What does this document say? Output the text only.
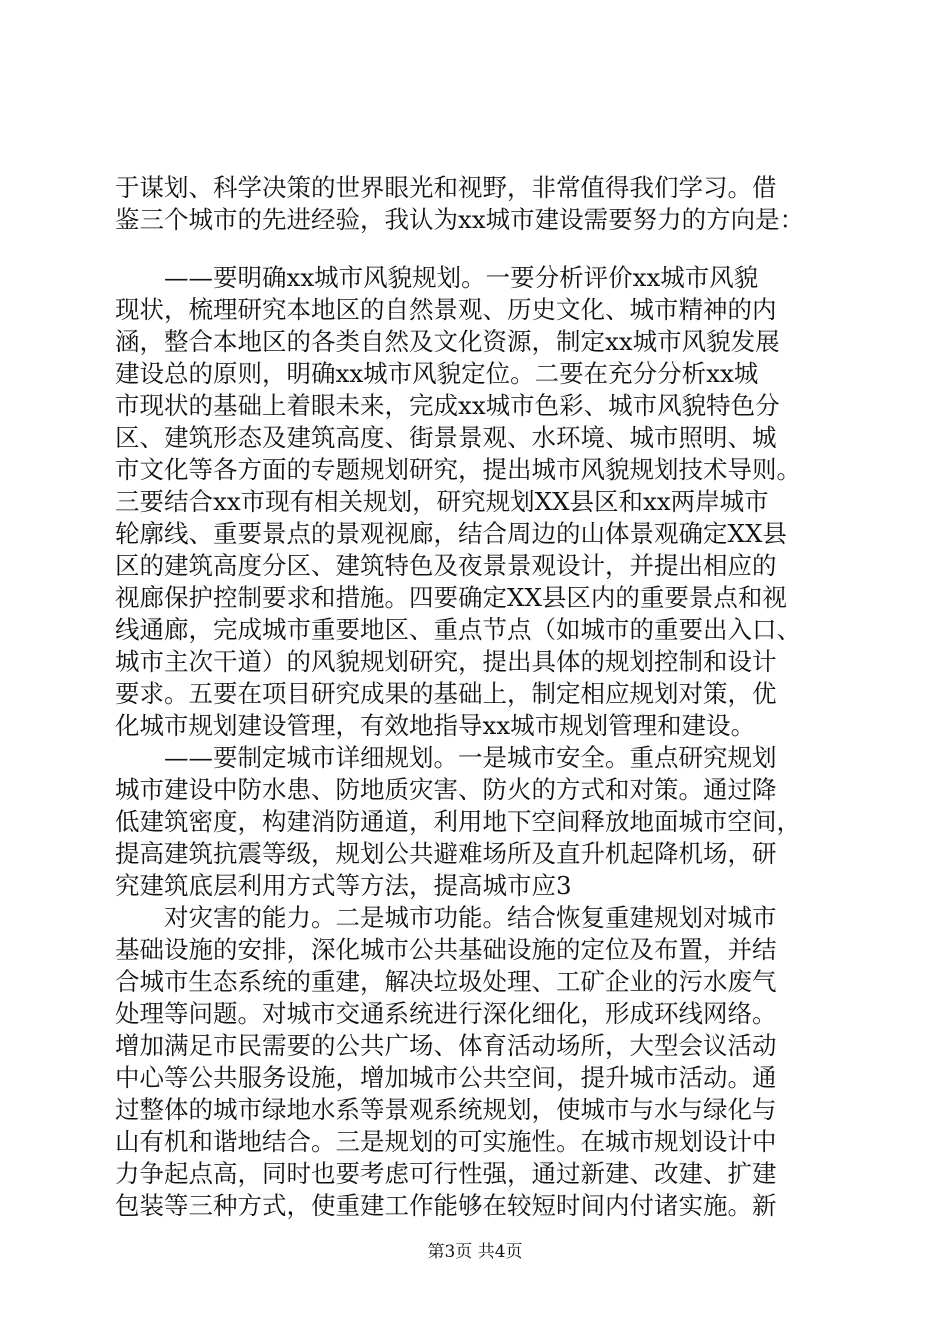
于谋划、科学决策的世界眼光和视野，非常值得我们学习。借
鉴三个城市的先进经验，我认为xx城市建设需要努力的方向是：
　　——要明确xx城市风貌规划。一要分析评价xx城市风貌
现状，梳理研究本地区的自然景观、历史文化、城市精神的内
涵，整合本地区的各类自然及文化资源，制定xx城市风貌发展
建设总的原则，明确xx城市风貌定位。二要在充分分析xx城
市现状的基础上着眼未来，完成xx城市色彩、城市风貌特色分
区、建筑形态及建筑高度、街景景观、水环境、城市照明、城
市文化等各方面的专题规划研究，提出城市风貌规划技术导则。
三要结合xx市现有相关规划，研究规划XX县区和xx两岸城市
轮廓线、重要景点的景观视廊，结合周边的山体景观确定XX县
区的建筑高度分区、建筑特色及夜景景观设计，并提出相应的
视廊保护控制要求和措施。四要确定XX县区内的重要景点和视
线通廊，完成城市重要地区、重点节点（如城市的重要出入口、
城市主次干道）的风貌规划研究，提出具体的规划控制和设计
要求。五要在项目研究成果的基础上，制定相应规划对策，优
化城市规划建设管理，有效地指导xx城市规划管理和建设。
　　——要制定城市详细规划。一是城市安全。重点研究规划
城市建设中防水患、防地质灾害、防火的方式和对策。通过降
低建筑密度，构建消防通道，利用地下空间释放地面城市空间，
提高建筑抗震等级，规划公共避难场所及直升机起降机场，研
究建筑底层利用方式等方法，提高城市应3
　　对灾害的能力。二是城市功能。结合恢复重建规划对城市
基础设施的安排，深化城市公共基础设施的定位及布置，并结
合城市生态系统的重建，解决垃圾处理、工矿企业的污水废气
处理等问题。对城市交通系统进行深化细化，形成环线网络。
增加满足市民需要的公共广场、体育活动场所，大型会议活动
中心等公共服务设施，增加城市公共空间，提升城市活动。通
过整体的城市绿地水系等景观系统规划，使城市与水与绿化与
山有机和谐地结合。三是规划的可实施性。在城市规划设计中
力争起点高，同时也要考虑可行性强，通过新建、改建、扩建
包装等三种方式，使重建工作能够在较短时间内付诸实施。新
第3页 共4页
